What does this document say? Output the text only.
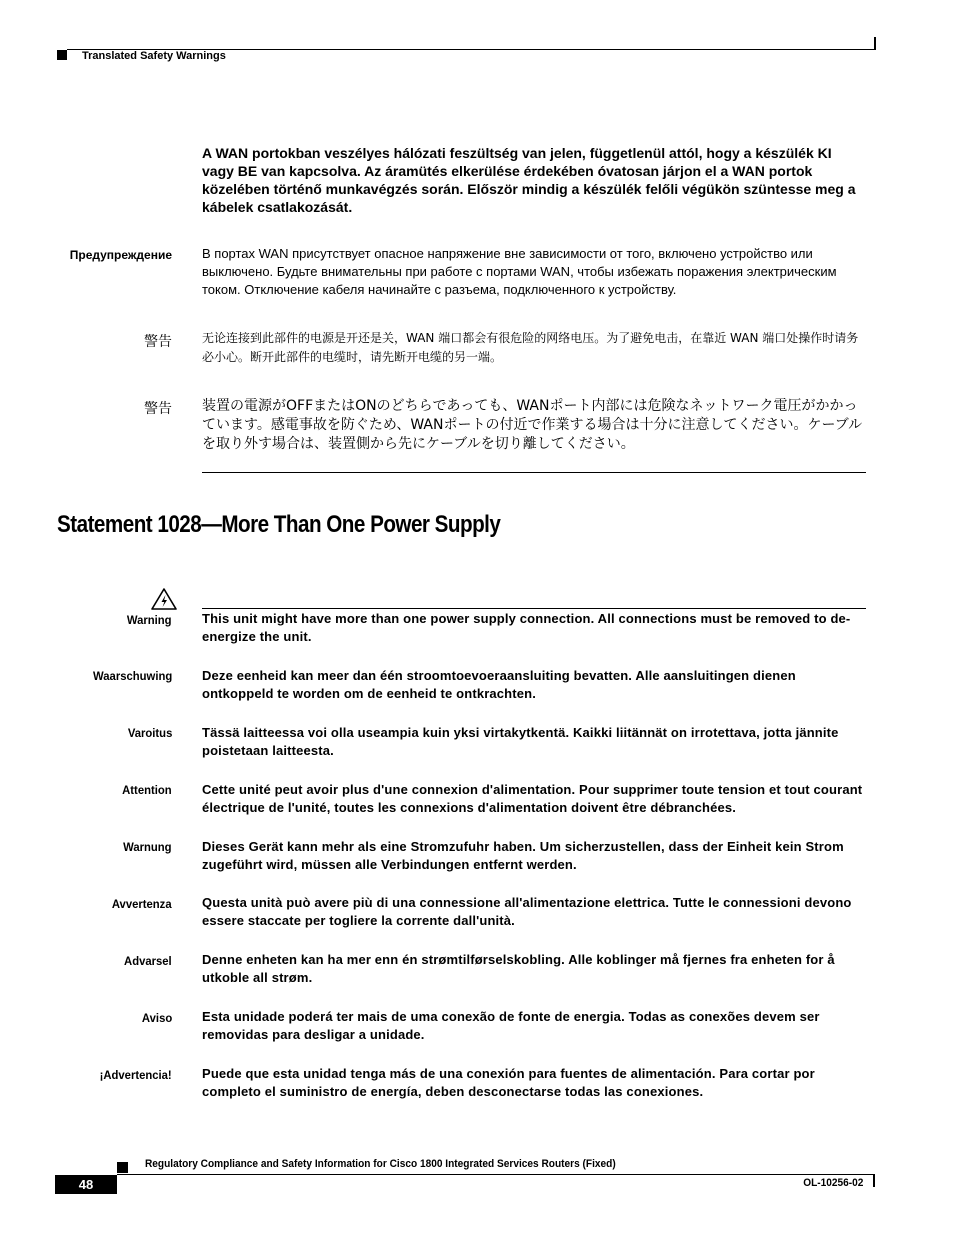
Translated Safety Warnings
A WAN portokban veszélyes hálózati feszültség van jelen, függetlenül attól, hogy a készülék KI vagy BE van kapcsolva. Az áramütés elkerülése érdekében óvatosan járjon el a WAN portok közelében történő munkavégzés során. Először mindig a készülék felőli végükön szüntesse meg a kábelek csatlakozását.
Предупреждение В портах WAN присутствует опасное напряжение вне зависимости от того, включено устройство или выключено. Будьте внимательны при работе с портами WAN, чтобы избежать поражения электрическим током. Отключение кабеля начинайте с разъема, подключенного к устройству.
警告	无论连接到此部件的电源是开还是关，WAN 端口都会有很危险的网络电压。为了避免电击，在靠近 WAN 端口处操作时请务必小心。断开此部件的电缆时，请先断开电缆的另一端。
警告 装置の電源がOFFまたはONのどちらであっても、WANポート内部には危険なネットワーク電圧がかかっています。感電事故を防ぐため、WANポートの付近で作業する場合は十分に注意してください。ケーブルを取り外す場合は、装置側から先にケーブルを切り離してください。
Statement 1028—More Than One Power Supply
Warning This unit might have more than one power supply connection. All connections must be removed to de-energize the unit.
Waarschuwing Deze eenheid kan meer dan één stroomtoevoeraansluiting bevatten. Alle aansluitingen dienen ontkoppeld te worden om de eenheid te ontkrachten.
Varoitus Tässä laitteessa voi olla useampia kuin yksi virtakytkentä. Kaikki liitännät on irrotettava, jotta jännite poistetaan laitteesta.
Attention Cette unité peut avoir plus d'une connexion d'alimentation. Pour supprimer toute tension et tout courant électrique de l'unité, toutes les connexions d'alimentation doivent être débranchées.
Warnung Dieses Gerät kann mehr als eine Stromzufuhr haben. Um sicherzustellen, dass der Einheit kein Strom zugeführt wird, müssen alle Verbindungen entfernt werden.
Avvertenza Questa unità può avere più di una connessione all'alimentazione elettrica. Tutte le connessioni devono essere staccate per togliere la corrente dall'unità.
Advarsel Denne enheten kan ha mer enn én strømtilførselskobling. Alle koblinger må fjernes fra enheten for å utkoble all strøm.
Aviso Esta unidade poderá ter mais de uma conexão de fonte de energia. Todas as conexões devem ser removidas para desligar a unidade.
¡Advertencia! Puede que esta unidad tenga más de una conexión para fuentes de alimentación. Para cortar por completo el suministro de energía, deben desconectarse todas las conexiones.
Regulatory Compliance and Safety Information for Cisco 1800 Integrated Services Routers (Fixed)
48	OL-10256-02
